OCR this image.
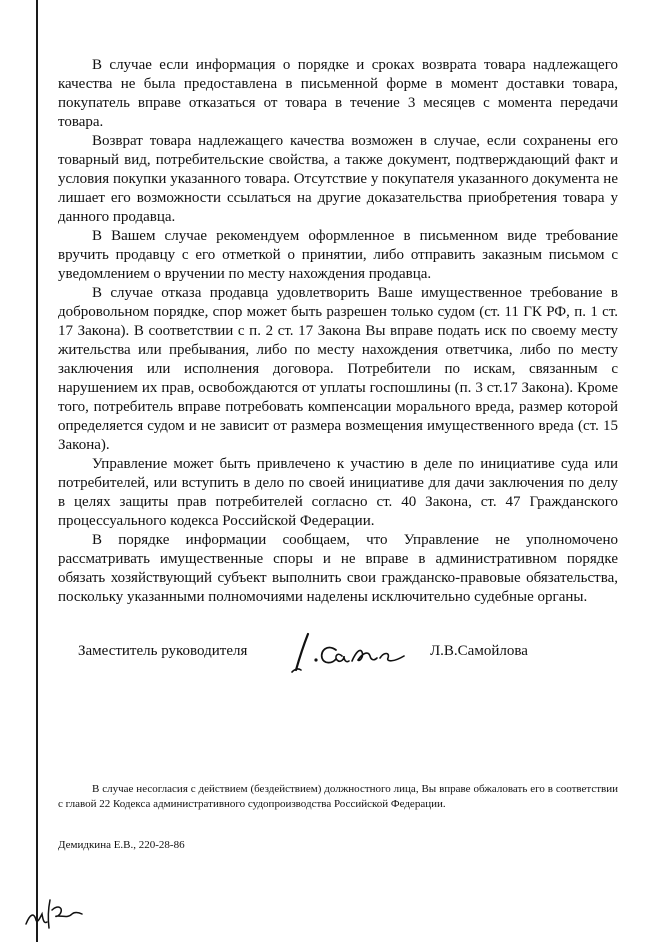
В случае если информация о порядке и сроках возврата товара надлежащего качества не была предоставлена в письменной форме в момент доставки товара, покупатель вправе отказаться от товара в течение 3 месяцев с момента передачи товара.

Возврат товара надлежащего качества возможен в случае, если сохранены его товарный вид, потребительские свойства, а также документ, подтверждающий факт и условия покупки указанного товара. Отсутствие у покупателя указанного документа не лишает его возможности ссылаться на другие доказательства приобретения товара у данного продавца.

В Вашем случае рекомендуем оформленное в письменном виде требование вручить продавцу с его отметкой о принятии, либо отправить заказным письмом с уведомлением о вручении по месту нахождения продавца.

В случае отказа продавца удовлетворить Ваше имущественное требование в добровольном порядке, спор может быть разрешен только судом (ст. 11 ГК РФ, п. 1 ст. 17 Закона). В соответствии с п. 2 ст. 17 Закона Вы вправе подать иск по своему месту жительства или пребывания, либо по месту нахождения ответчика, либо по месту заключения или исполнения договора. Потребители по искам, связанным с нарушением их прав, освобождаются от уплаты госпошлины (п. 3 ст.17 Закона). Кроме того, потребитель вправе потребовать компенсации морального вреда, размер которой определяется судом и не зависит от размера возмещения имущественного вреда (ст. 15 Закона).

Управление может быть привлечено к участию в деле по инициативе суда или потребителей, или вступить в дело по своей инициативе для дачи заключения по делу в целях защиты прав потребителей согласно ст. 40 Закона, ст. 47 Гражданского процессуального кодекса Российской Федерации.

В порядке информации сообщаем, что Управление не уполномочено рассматривать имущественные споры и не вправе в административном порядке обязать хозяйствующий субъект выполнить свои гражданско-правовые обязательства, поскольку указанными полномочиями наделены исключительно судебные органы.

Заместитель руководителя	Л.В.Самойлова

В случае несогласия с действием (бездействием) должностного лица, Вы вправе обжаловать его в соответствии с главой 22 Кодекса административного судопроизводства Российской Федерации.

Демидкина Е.В., 220-28-86
